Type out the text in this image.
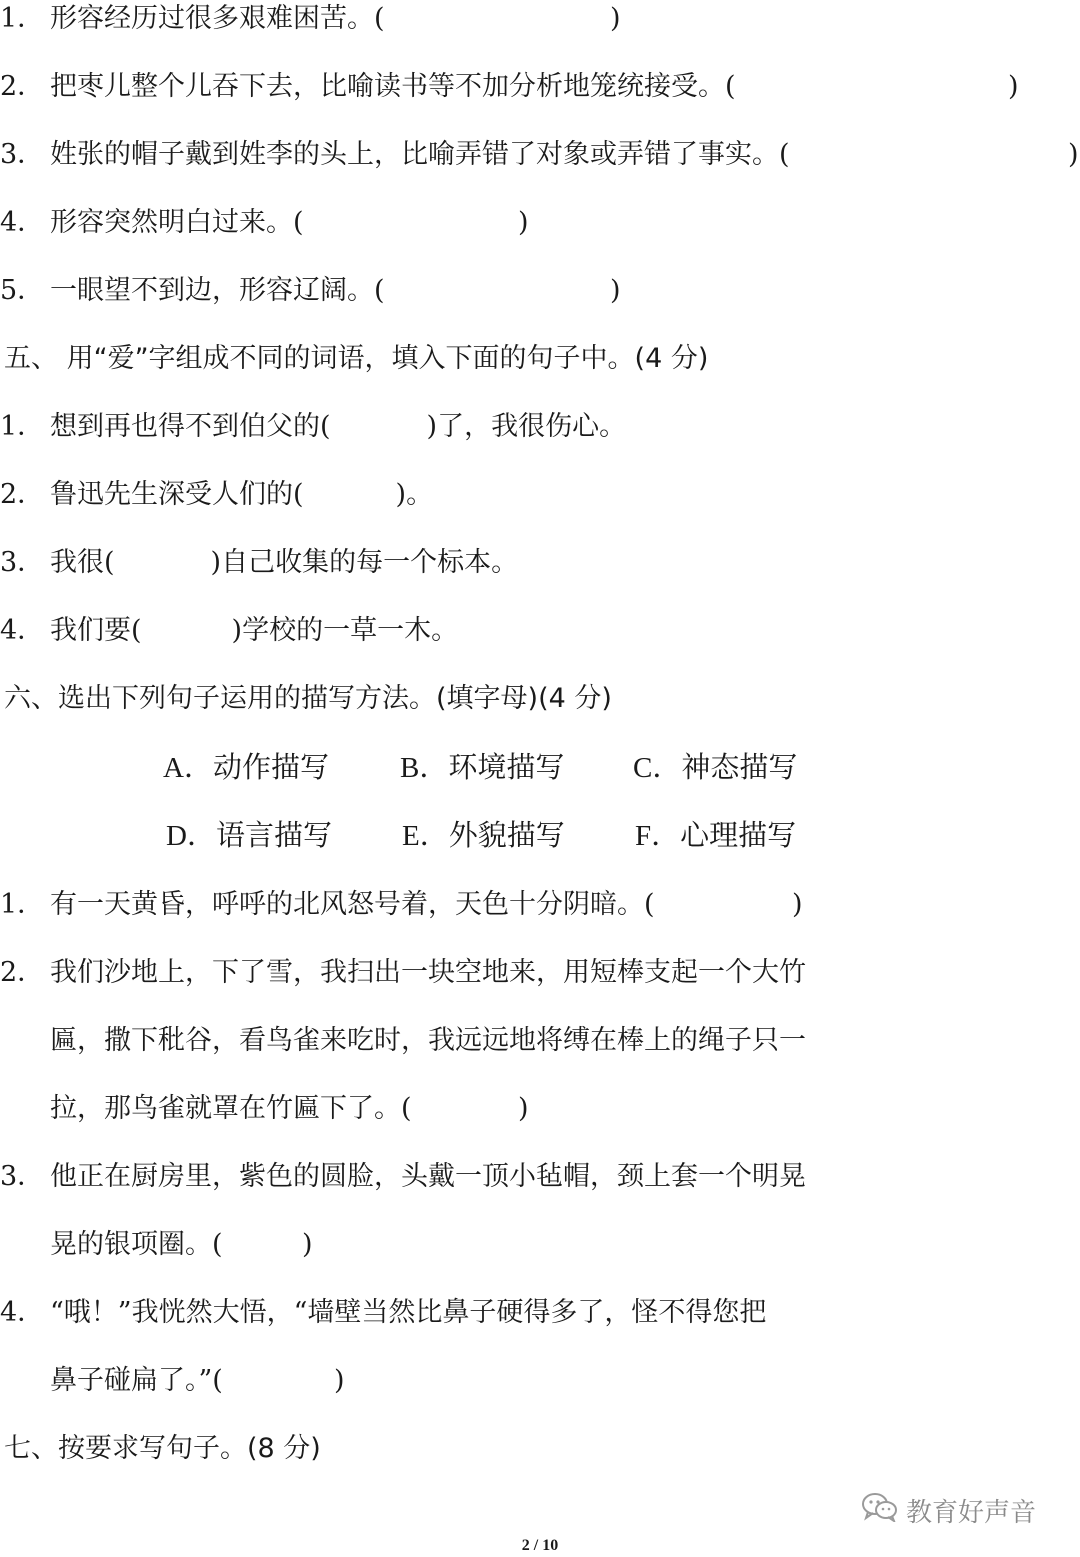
1． 形容经历过很多艰难困苦。(	)
2． 把枣儿整个儿吞下去，比喻读书等不加分析地笼统接受。(	)
3． 姓张的帽子戴到姓李的头上，比喻弄错了对象或弄错了事实。(	)
4． 形容突然明白过来。(	)
5． 一眼望不到边，形容辽阔。(	)
五、 用“爱”字组成不同的词语，填入下面的句子中。(4 分)
1． 想到再也得不到伯父的(	)了，我很伤心。
2． 鲁迅先生深受人们的(	)。
3． 我很(	)自己收集的每一个标本。
4． 我们要(	)学校的一草一木。
六、选出下列句子运用的描写方法。(填字母)(4 分)
A．动作描写 B．环境描写 C．神态描写
D．语言描写 E．外貌描写 F．心理描写
1． 有一天黄昏，呼呼的北风怒号着，天色十分阴暗。(	)
2． 我们沙地上，下了雪，我扫出一块空地来，用短棒支起一个大竹
匾，撒下秕谷，看鸟雀来吃时，我远远地将缚在棒上的绳子只一
拉，那鸟雀就罩在竹匾下了。(	)
3． 他正在厨房里，紫色的圆脸，头戴一顶小毡帽，颈上套一个明晃
晃的银项圈。(	)
4． “哦！”我恍然大悟，“墙壁当然比鼻子硬得多了，怪不得您把
鼻子碰扁了。”(	)
七、按要求写句子。(8 分)
教育好声音
2 / 10
